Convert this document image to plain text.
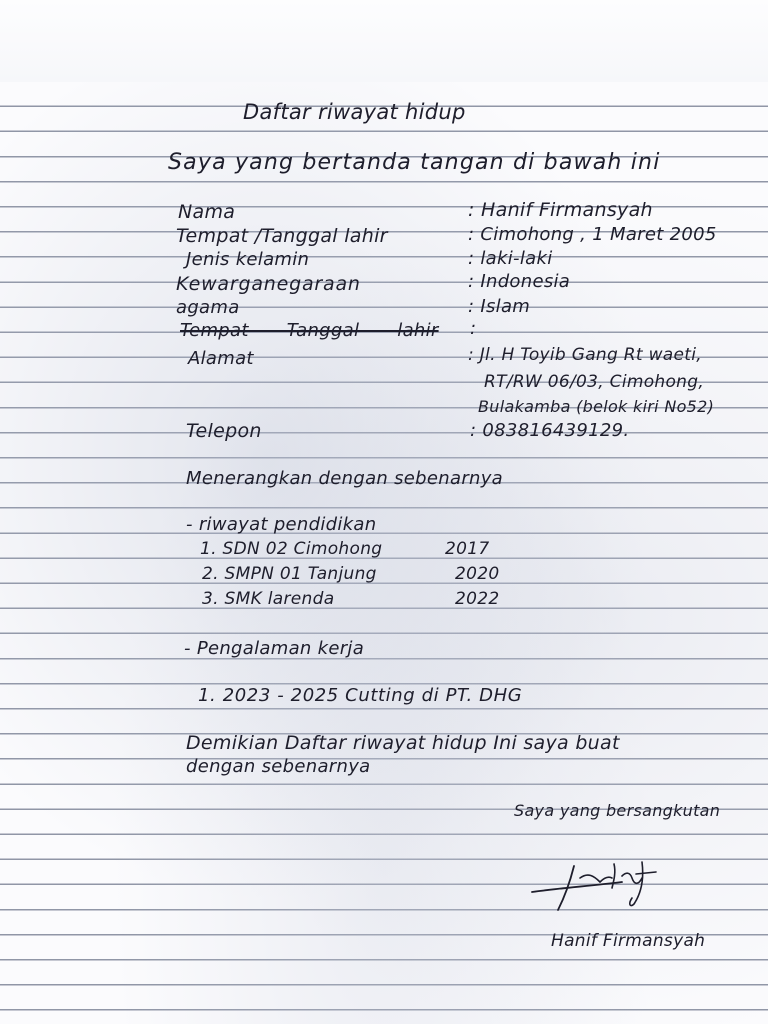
Daftar riwayat hidup

Saya yang bertanda tangan di bawah ini

Nama	: Hanif Firmansyah

Tempat /Tanggal lahir	: Cimohong , 1 Maret 2005

Jenis kelamin	: laki-laki

Kewarganegaraan	: Indonesia

agama	: Islam

Tempat Tanggal lahir :

Alamat	: Jl. H Toyib Gang Rt waeti,

RT/RW 06/03, Cimohong,

Bulakamba (belok kiri No52)

Telepon	: 083816439129.

Menerangkan dengan sebenarnya

- riwayat pendidikan

1. SDN 02 Cimohong	2017

2. SMPN 01 Tanjung	2020

3. SMK larenda	2022

- Pengalaman kerja

1. 2023 - 2025 Cutting di PT. DHG

Demikian Daftar riwayat hidup Ini saya buat

dengan sebenarnya

Saya yang bersangkutan

Hanif Firmansyah
